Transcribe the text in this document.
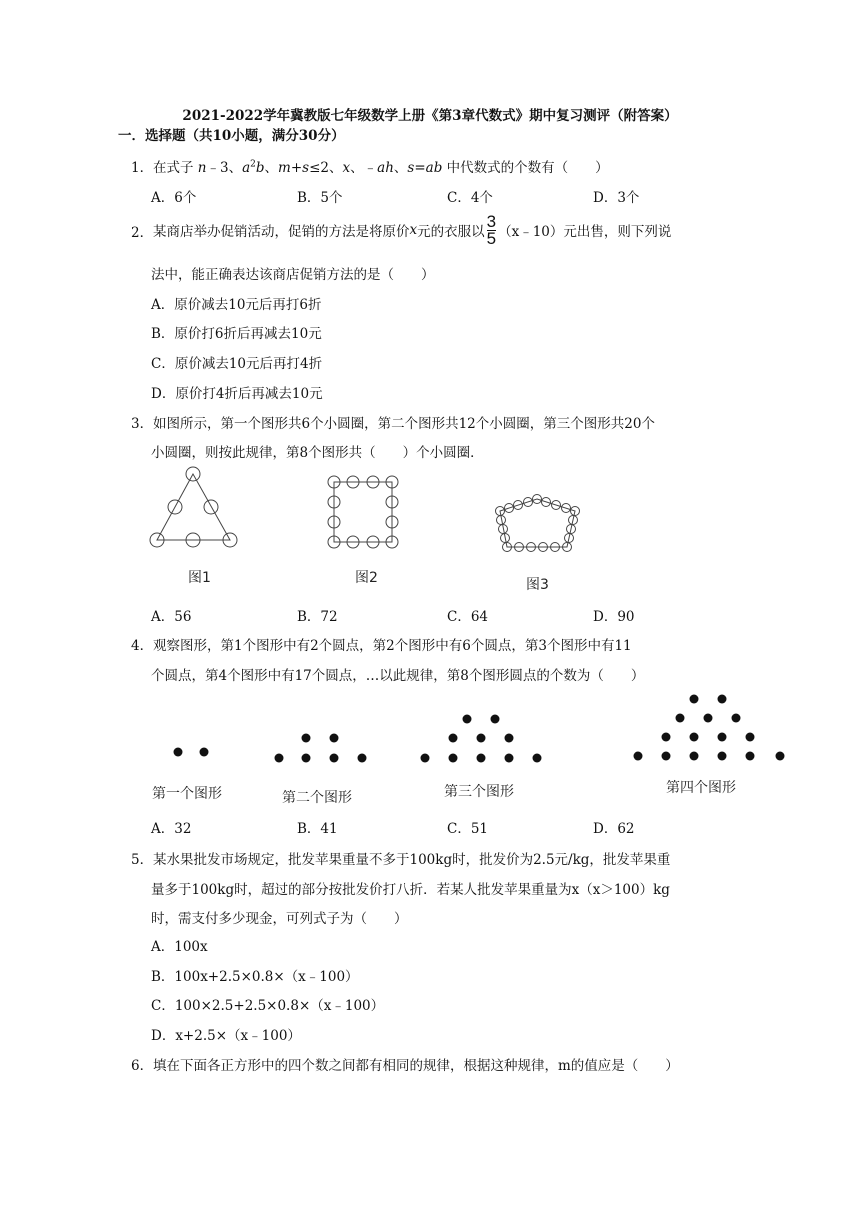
2021-2022学年冀教版七年级数学上册《第3章代数式》期中复习测评（附答案）
一．选择题（共10小题，满分30分）
1． 在式子 n﹣3、$a^2b$、m+s≤2、x、﹣ah、s=ab 中代数式的个数有（　　）
A．6个	B．5个	C．4个	D．3个
2． 某商店举办促销活动，促销的方法是将原价 x 元的衣服以 $\frac{3}{5}$ （x﹣10）元出售，则下列说
法中，能正确表达该商店促销方法的是（　　）
A．原价减去10元后再打6折
B．原价打6折后再减去10元
C．原价减去10元后再打4折
D．原价打4折后再减去10元
3． 如图所示，第一个图形共6个小圆圈，第二个图形共12个小圆圈，第三个图形共20个
小圆圈，则按此规律，第8个图形共（　　）个小圆圈．
图1	图2	图3
A．56	B．72	C．64	D．90
4． 观察图形，第1个图形中有2个圆点，第2个图形中有6个圆点，第3个图形中有11
个圆点，第4个图形中有17个圆点，…以此规律，第8个图形圆点的个数为（　　）
第一个图形	第二个图形	第三个图形	第四个图形
A．32	B．41	C．51	D．62
5． 某水果批发市场规定，批发苹果重量不多于100kg时，批发价为2.5元/kg，批发苹果重
量多于100kg时，超过的部分按批发价打八折．若某人批发苹果重量为x（x＞100）kg
时，需支付多少现金，可列式子为（　　）
A．100x
B．100x+2.5×0.8×（x﹣100）
C．100×2.5+2.5×0.8×（x﹣100）
D．x+2.5×（x﹣100）
6． 填在下面各正方形中的四个数之间都有相同的规律，根据这种规律，m的值应是（　　）
